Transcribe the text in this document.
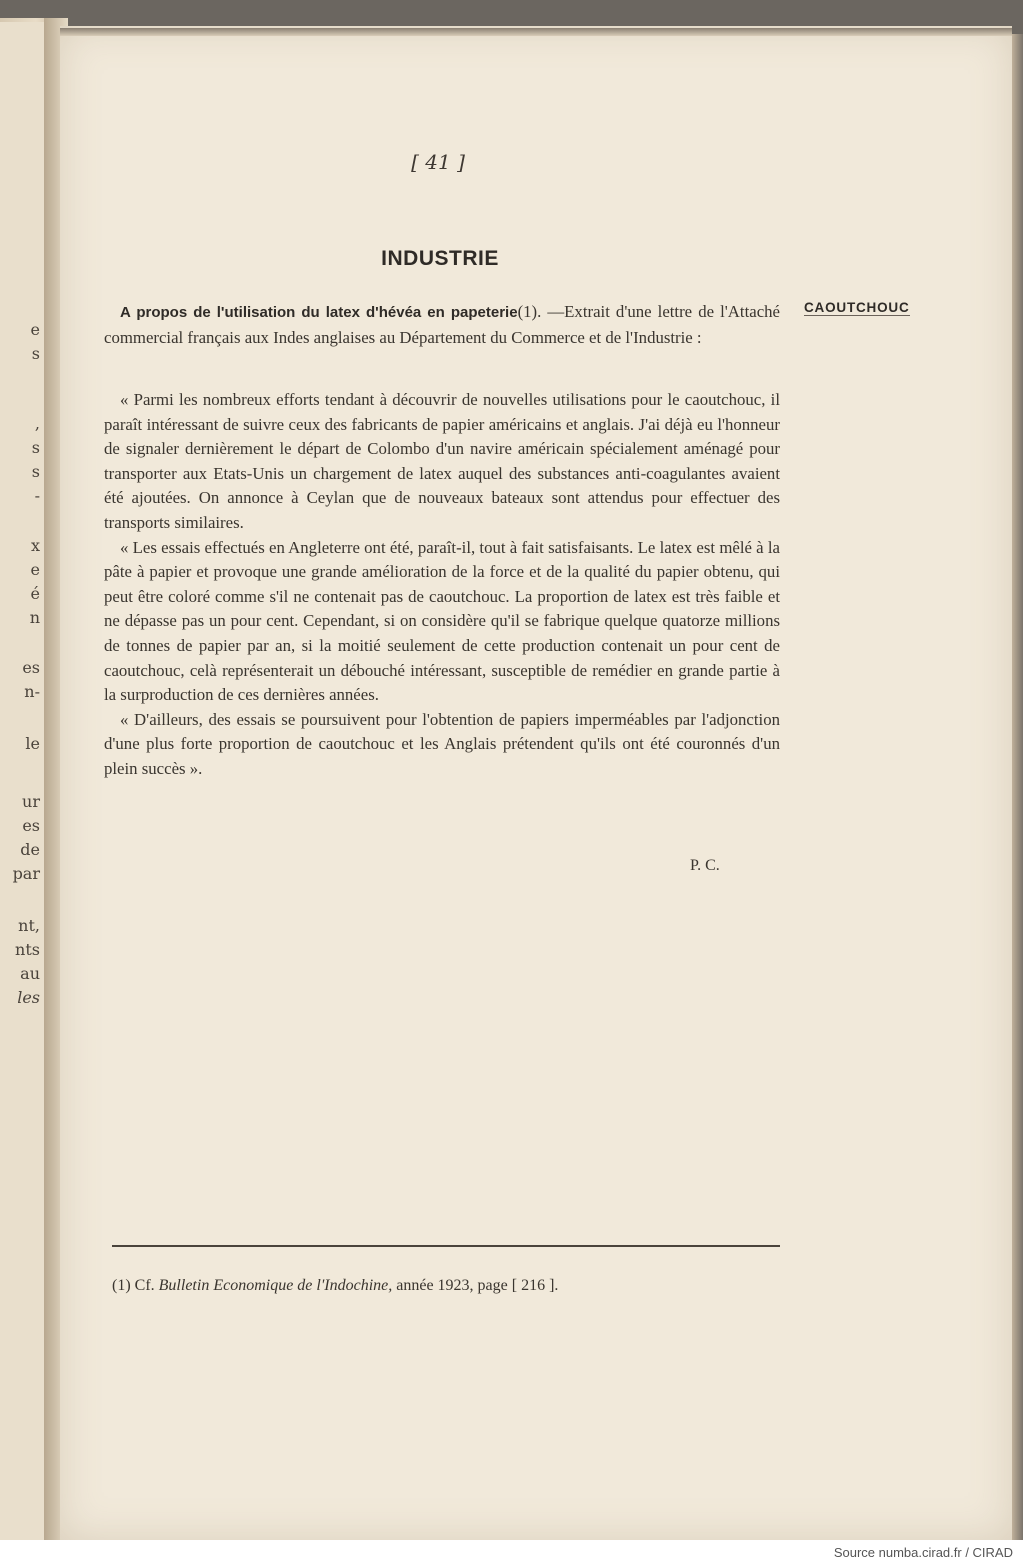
e
s
,
s
s
-
x
e
é
n
es
n-
le
ur
es
de
par
nt,
nts
au
les
[ 41 ]
INDUSTRIE
CAOUTCHOUC

A propos de l'utilisation du latex d'hévéa en papeterie(1). —Extrait d'une lettre de l'Attaché commercial français aux Indes anglaises au Département du Commerce et de l'Industrie :

« Parmi les nombreux efforts tendant à découvrir de nouvelles utilisations pour le caoutchouc, il paraît intéressant de suivre ceux des fabricants de papier américains et anglais. J'ai déjà eu l'honneur de signaler dernièrement le départ de Colombo d'un navire américain spécialement aménagé pour transporter aux Etats-Unis un chargement de latex auquel des substances anti-coagulantes avaient été ajoutées. On annonce à Ceylan que de nouveaux bateaux sont attendus pour effectuer des transports similaires.

« Les essais effectués en Angleterre ont été, paraît-il, tout à fait satisfaisants. Le latex est mêlé à la pâte à papier et provoque une grande amélioration de la force et de la qualité du papier obtenu, qui peut être coloré comme s'il ne contenait pas de caoutchouc. La proportion de latex est très faible et ne dépasse pas un pour cent. Cependant, si on considère qu'il se fabrique quelque quatorze millions de tonnes de papier par an, si la moitié seulement de cette production contenait un pour cent de caoutchouc, celà représenterait un débouché intéressant, susceptible de remédier en grande partie à la surproduction de ces dernières années.

« D'ailleurs, des essais se poursuivent pour l'obtention de papiers imperméables par l'adjonction d'une plus forte proportion de caoutchouc et les Anglais prétendent qu'ils ont été couronnés d'un plein succès ».

P. C.
(1) Cf. Bulletin Economique de l'Indochine, année 1923, page [ 216 ].
Source numba.cirad.fr / CIRAD
